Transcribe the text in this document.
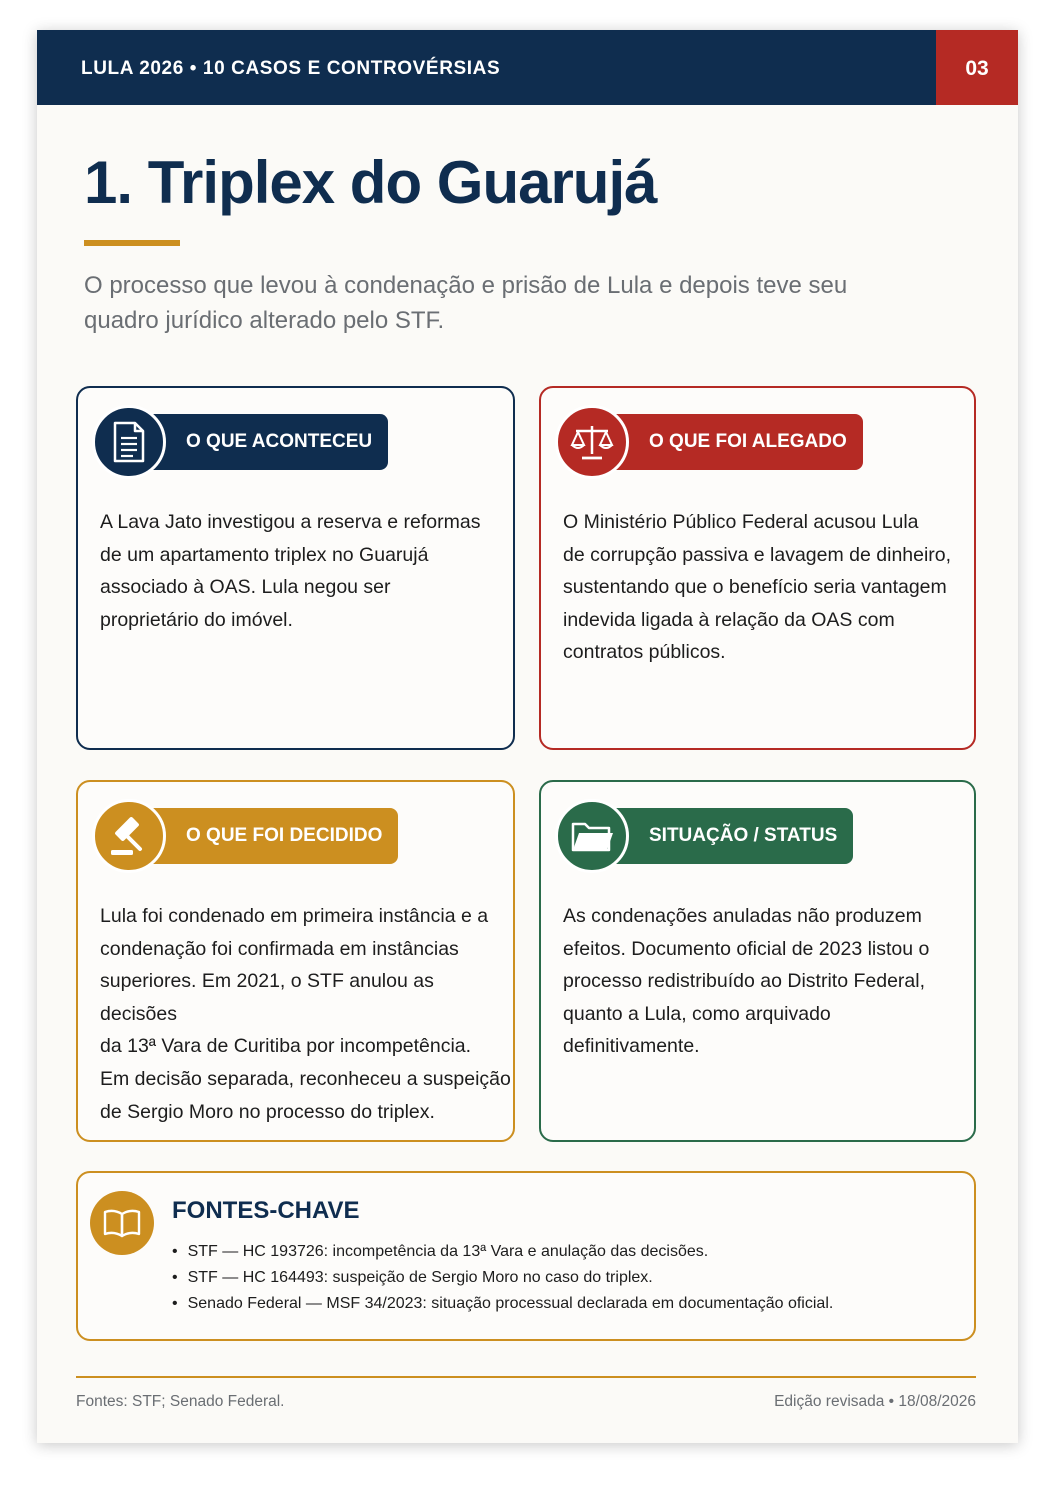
LULA 2026 • 10 CASOS E CONTROVÉRSIAS	03
1. Triplex do Guarujá

O processo que levou à condenação e prisão de Lula e depois teve seu quadro jurídico alterado pelo STF.

O QUE ACONTECEU

A Lava Jato investigou a reserva e reformas
de um apartamento triplex no Guarujá
associado à OAS. Lula negou ser
proprietário do imóvel.

O QUE FOI ALEGADO

O Ministério Público Federal acusou Lula
de corrupção passiva e lavagem de dinheiro,
sustentando que o benefício seria vantagem
indevida ligada à relação da OAS com
contratos públicos.

O QUE FOI DECIDIDO

Lula foi condenado em primeira instância e a
condenação foi confirmada em instâncias
superiores. Em 2021, o STF anulou as decisões
da 13ª Vara de Curitiba por incompetência.
Em decisão separada, reconheceu a suspeição
de Sergio Moro no processo do triplex.

SITUAÇÃO / STATUS

As condenações anuladas não produzem
efeitos. Documento oficial de 2023 listou o
processo redistribuído ao Distrito Federal,
quanto a Lula, como arquivado
definitivamente.

FONTES-CHAVE
• STF — HC 193726: incompetência da 13ª Vara e anulação das decisões.
• STF — HC 164493: suspeição de Sergio Moro no caso do triplex.
• Senado Federal — MSF 34/2023: situação processual declarada em documentação oficial.
Fontes: STF; Senado Federal.	Edição revisada • 18/08/2026
